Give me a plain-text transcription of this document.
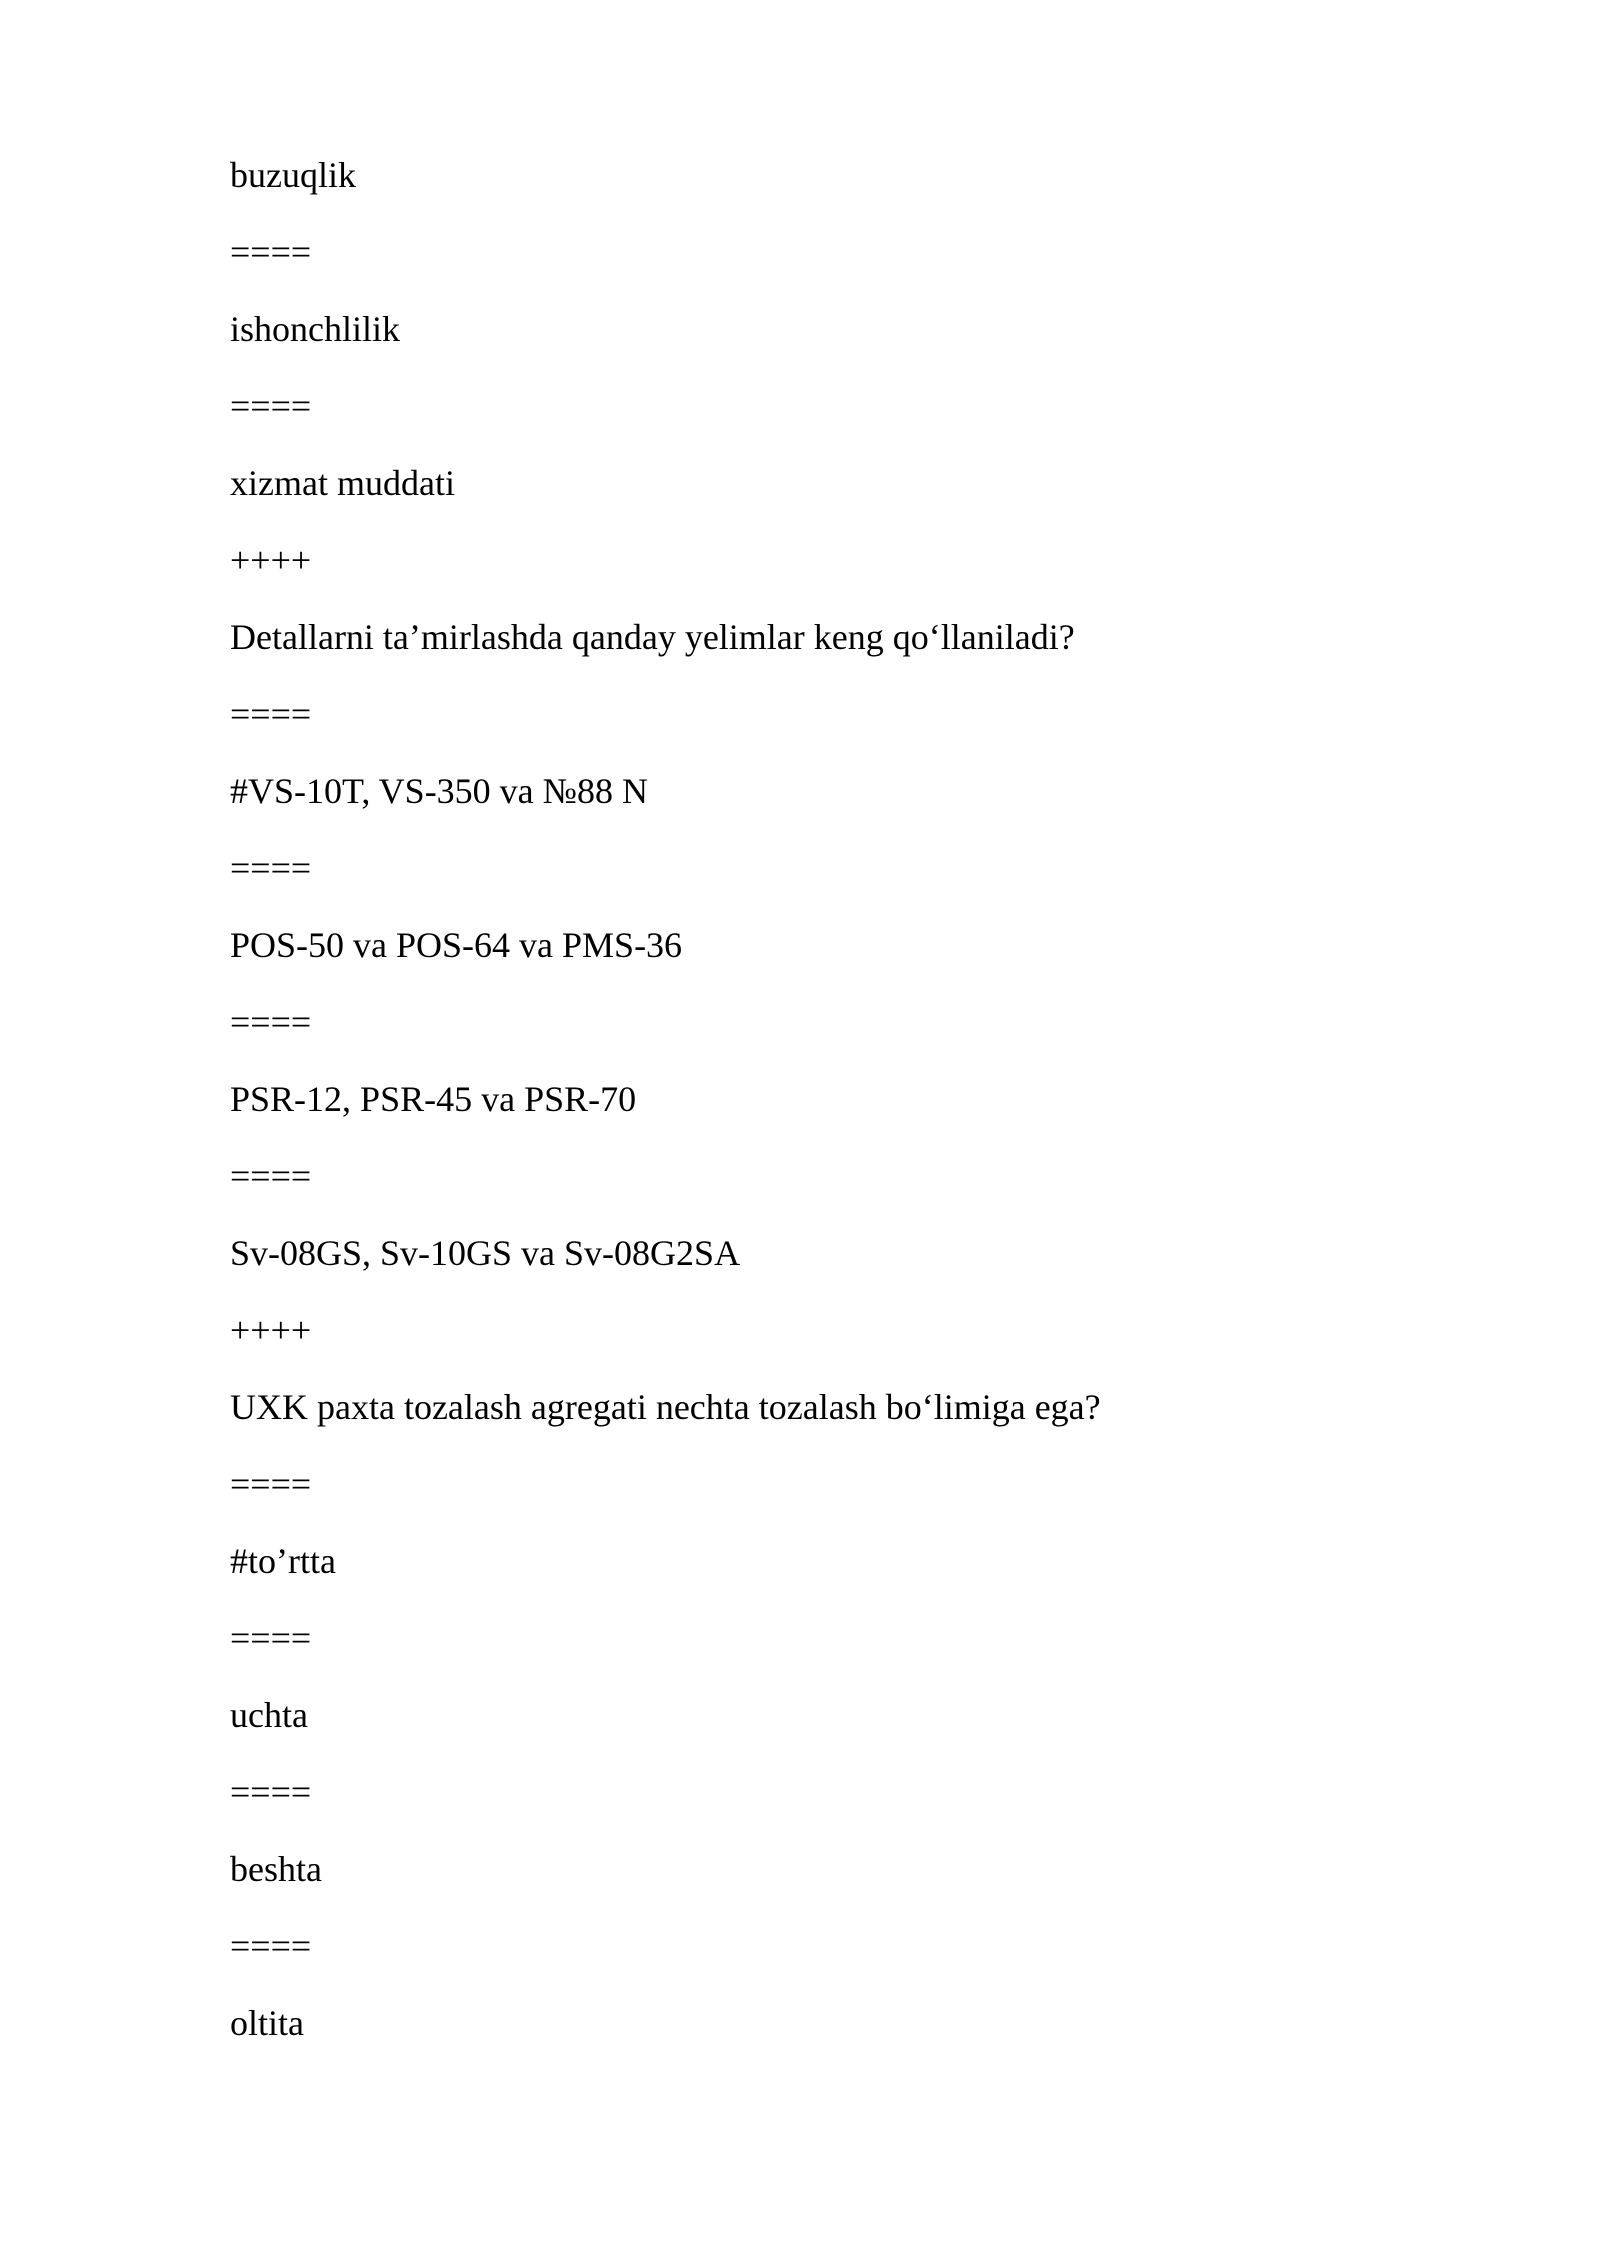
buzuqlik

====

ishonchlilik

====

xizmat muddati

++++

Detallarni ta’mirlashda qanday yelimlar keng qo‘llaniladi?

====

#VS-10T, VS-350 va №88 N

====

POS-50 va POS-64 va PMS-36

====

PSR-12, PSR-45 va PSR-70

====

Sv-08GS, Sv-10GS va Sv-08G2SA

++++

UXK paxta tozalash agregati nechta tozalash bo‘limiga ega?

====

#to’rtta

====

uchta

====

beshta

====

oltita
